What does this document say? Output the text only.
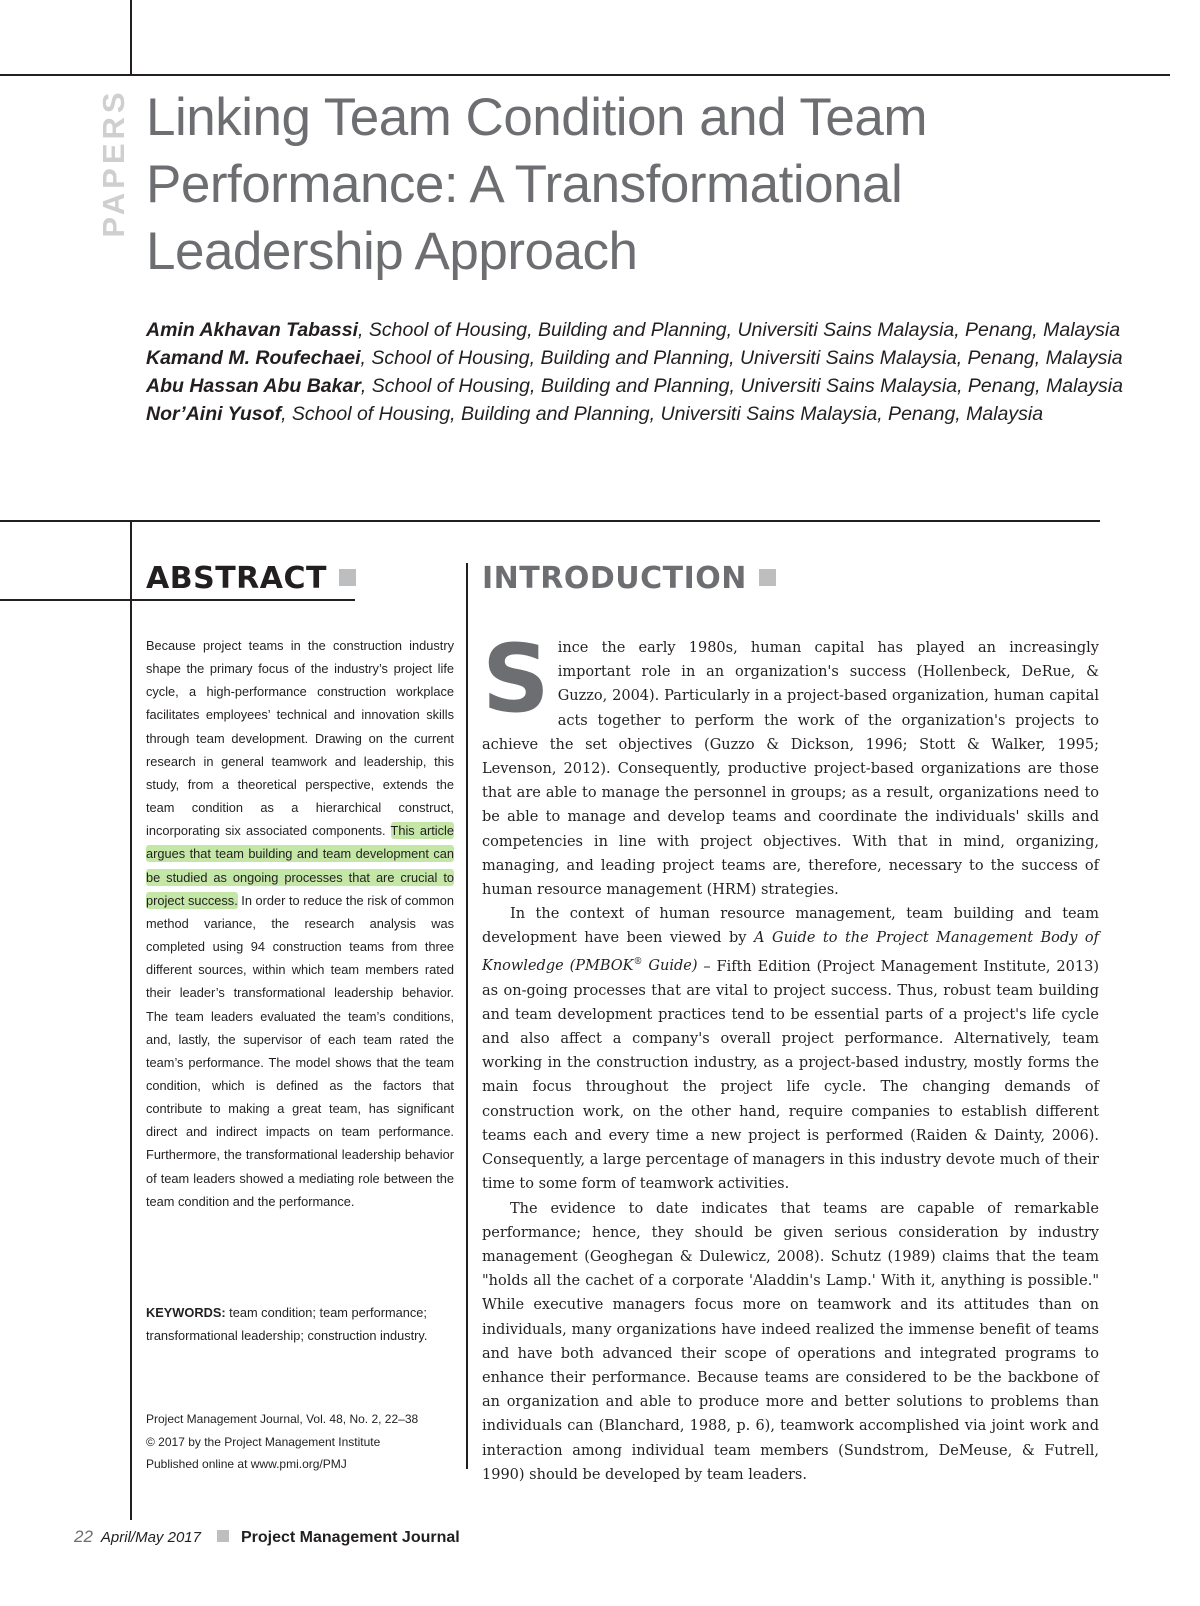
PAPERS Linking Team Condition and Team Performance: A Transformational Leadership Approach

Amin Akhavan Tabassi, School of Housing, Building and Planning, Universiti Sains Malaysia, Penang, Malaysia

Kamand M. Roufechaei, School of Housing, Building and Planning, Universiti Sains Malaysia, Penang, Malaysia

Abu Hassan Abu Bakar, School of Housing, Building and Planning, Universiti Sains Malaysia, Penang, Malaysia

Nor’Aini Yusof, School of Housing, Building and Planning, Universiti Sains Malaysia, Penang, Malaysia

ABSTRACT

Because project teams in the construction industry shape the primary focus of the industry’s project life cycle, a high-performance construction workplace facilitates employees’ technical and innovation skills through team development. Drawing on the current research in general teamwork and leadership, this study, from a theoretical perspective, extends the team condition as a hierarchical construct, incorporating six associated components. This article argues that team building and team development can be studied as ongoing processes that are crucial to project success. In order to reduce the risk of common method variance, the research analysis was completed using 94 construction teams from three different sources, within which team members rated their leader’s transformational leadership behavior. The team leaders evaluated the team’s conditions, and, lastly, the supervisor of each team rated the team’s performance. The model shows that the team condition, which is defined as the factors that contribute to making a great team, has significant direct and indirect impacts on team performance. Furthermore, the transformational leadership behavior of team leaders showed a mediating role between the team condition and the performance.

KEYWORDS: team condition; team performance; transformational leadership; construction industry.

Project Management Journal, Vol. 48, No. 2, 22–38
© 2017 by the Project Management Institute
Published online at www.pmi.org/PMJ
INTRODUCTION

Since the early 1980s, human capital has played an increasingly important role in an organization's success (Hollenbeck, DeRue, & Guzzo, 2004). Particularly in a project-based organization, human capital acts together to perform the work of the organization's projects to achieve the set objectives (Guzzo & Dickson, 1996; Stott & Walker, 1995; Levenson, 2012). Consequently, productive project-based organizations are those that are able to manage the personnel in groups; as a result, organizations need to be able to manage and develop teams and coordinate the individuals' skills and competencies in line with project objectives. With that in mind, organizing, managing, and leading project teams are, therefore, necessary to the success of human resource management (HRM) strategies.

In the context of human resource management, team building and team development have been viewed by A Guide to the Project Management Body of Knowledge (PMBOK® Guide) – Fifth Edition (Project Management Institute, 2013) as on-going processes that are vital to project success. Thus, robust team building and team development practices tend to be essential parts of a project's life cycle and also affect a company's overall project performance. Alternatively, team working in the construction industry, as a project-based industry, mostly forms the main focus throughout the project life cycle. The changing demands of construction work, on the other hand, require companies to establish different teams each and every time a new project is performed (Raiden & Dainty, 2006). Consequently, a large percentage of managers in this industry devote much of their time to some form of teamwork activities.

The evidence to date indicates that teams are capable of remarkable performance; hence, they should be given serious consideration by industry management (Geoghegan & Dulewicz, 2008). Schutz (1989) claims that the team "holds all the cachet of a corporate 'Aladdin's Lamp.' With it, anything is possible." While executive managers focus more on teamwork and its attitudes than on individuals, many organizations have indeed realized the immense benefit of teams and have both advanced their scope of operations and integrated programs to enhance their performance. Because teams are considered to be the backbone of an organization and able to produce more and better solutions to problems than individuals can (Blanchard, 1988, p. 6), teamwork accomplished via joint work and interaction among individual team members (Sundstrom, DeMeuse, & Futrell, 1990) should be developed by team leaders.

22 April/May 2017	Project Management Journal
